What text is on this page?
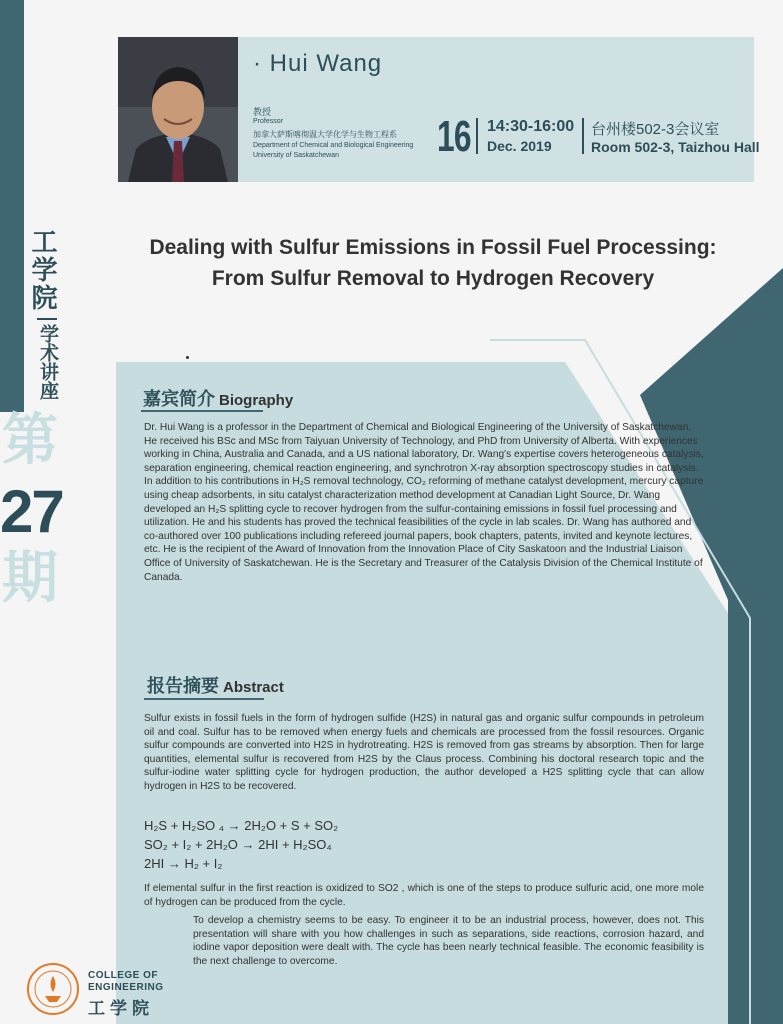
工学院
学术讲座
第
27
期
· Hui Wang
教授
Professor
加拿大萨斯喀彻温大学化学与生物工程系
Department of Chemical and Biological Engineering
University of Saskatchewan 16 14:30-16:00
Dec. 2019
台州楼502-3会议室
Room 502-3, Taizhou Hall
Dealing with Sulfur Emissions in Fossil Fuel Processing:
From Sulfur Removal to Hydrogen Recovery
嘉宾简介 Biography
Dr. Hui Wang is a professor in the Department of Chemical and Biological Engineering of the University of Saskatchewan. He received his BSc and MSc from Taiyuan University of Technology, and PhD from University of Alberta. With experiences working in China, Australia and Canada, and a US national laboratory, Dr. Wang's expertise covers heterogeneous catalysis, separation engineering, chemical reaction engineering, and synchrotron X-ray absorption spectroscopy studies in catalysis. In addition to his contributions in H₂S removal technology, CO₂ reforming of methane catalyst development, mercury capture using cheap adsorbents, in situ catalyst characterization method development at Canadian Light Source, Dr. Wang developed an H₂S splitting cycle to recover hydrogen from the sulfur-containing emissions in fossil fuel processing and utilization. He and his students has proved the technical feasibilities of the cycle in lab scales. Dr. Wang has authored and co-authored over 100 publications including refereed journal papers, book chapters, patents, invited and keynote lectures, etc. He is the recipient of the Award of Innovation from the Innovation Place of City Saskatoon and the Industrial Liaison Office of University of Saskatchewan. He is the Secretary and Treasurer of the Catalysis Division of the Chemical Institute of Canada.
报告摘要 Abstract
Sulfur exists in fossil fuels in the form of hydrogen sulfide (H2S) in natural gas and organic sulfur compounds in petroleum oil and coal. Sulfur has to be removed when energy fuels and chemicals are processed from the fossil resources. Organic sulfur compounds are converted into H2S in hydrotreating. H2S is removed from gas streams by absorption. Then for large quantities, elemental sulfur is recovered from H2S by the Claus process. Combining his doctoral research topic and the sulfur-iodine water splitting cycle for hydrogen production, the author developed a H2S splitting cycle that can allow hydrogen in H2S to be recovered.
H₂S + H₂SO ₄ → 2H₂O + S + SO₂
SO₂ + I₂ + 2H₂O → 2HI + H₂SO₄
2HI → H₂ + I₂
If elemental sulfur in the first reaction is oxidized to SO2 , which is one of the steps to produce sulfuric acid, one more mole of hydrogen can be produced from the cycle.
To develop a chemistry seems to be easy. To engineer it to be an industrial process, however, does not. This presentation will share with you how challenges in such as separations, side reactions, corrosion hazard, and iodine vapor deposition were dealt with. The cycle has been nearly technical feasible. The economic feasibility is the next challenge to overcome.
COLLEGE OF
ENGINEERING
工学院
